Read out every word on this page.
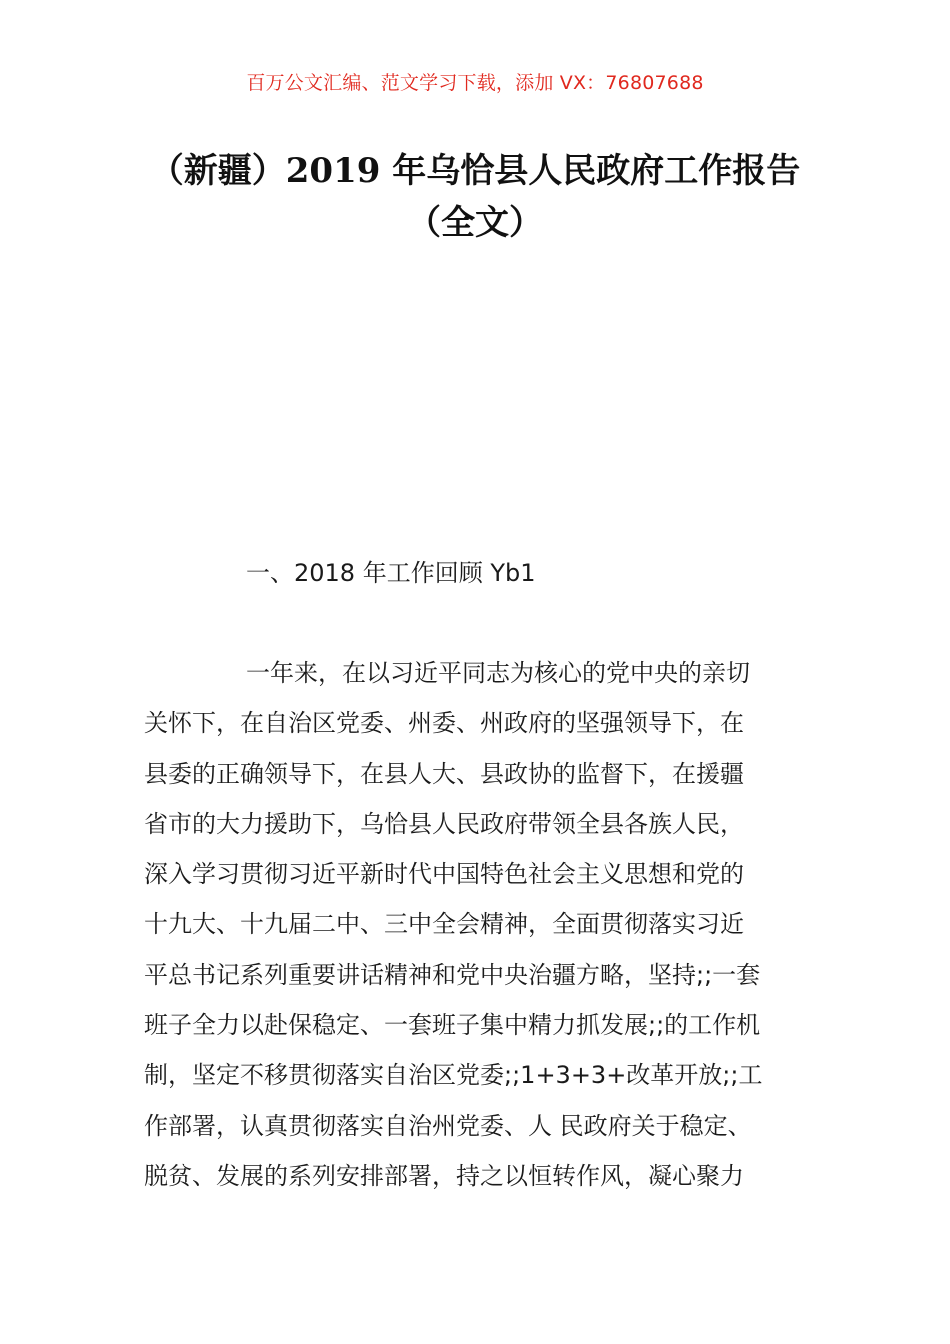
百万公文汇编、范文学习下载，添加 VX：76807688
（新疆）2019 年乌恰县人民政府工作报告
（全文）
一、2018 年工作回顾 Yb1
一年来，在以习近平同志为核心的党中央的亲切
关怀下，在自治区党委、州委、州政府的坚强领导下，在
县委的正确领导下，在县人大、县政协的监督下，在援疆
省市的大力援助下，乌恰县人民政府带领全县各族人民，
深入学习贯彻习近平新时代中国特色社会主义思想和党的
十九大、十九届二中、三中全会精神，全面贯彻落实习近
平总书记系列重要讲话精神和党中央治疆方略，坚持;;一套
班子全力以赴保稳定、一套班子集中精力抓发展;;的工作机
制，坚定不移贯彻落实自治区党委;;1+3+3+改革开放;;工
作部署，认真贯彻落实自治州党委、人 民政府关于稳定、
脱贫、发展的系列安排部署，持之以恒转作风，凝心聚力
